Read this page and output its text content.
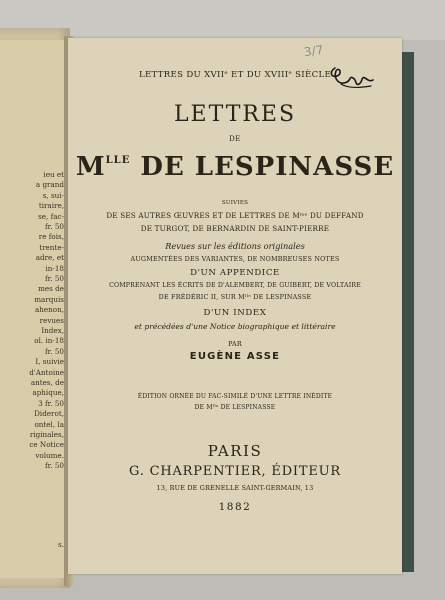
ieu et
a grand
s, sui-
tiraire,
se, fac-
fr. 50
re fois,
trente-
adre, et
in-18
fr. 50
mes de
marquis
ahenon,
revues
Index,
ol. in-18
fr. 50
I, suivie
d'Antoine
antes, de
aphique,
3 fr. 50
Diderot,
ontel, la
riginales,
ce Notice
volume.
fr. 50
s.
3/7
LETTRES DU XVIIᵉ ET DU XVIIIᵉ SIÈCLE
LETTRES
DE
$M^{LLE}$ DE LESPINASSE
SUIVIES
DE SES AUTRES ŒUVRES ET DE LETTRES DE Mᵐᵉ DU DEFFAND
DE TURGOT, DE BERNARDIN DE SAINT-PIERRE
Revues sur les éditions originales
AUGMENTÉES DES VARIANTES, DE NOMBREUSES NOTES
D'UN APPENDICE
COMPRENANT LES ÉCRITS DE D'ALEMBERT, DE GUIBERT, DE VOLTAIRE
DE FRÉDÉRIC II, SUR Mˡˡᵉ DE LESPINASSE
D'UN INDEX
et précédées d'une Notice biographique et littéraire
PAR
EUGÈNE ASSE
ÉDITION ORNÉE DU FAC-SIMILÉ D'UNE LETTRE INÉDITE
DE Mˡˡᵉ DE LESPINASSE
PARIS
G. CHARPENTIER, ÉDITEUR
13, RUE DE GRENELLE SAINT-GERMAIN, 13
1882
